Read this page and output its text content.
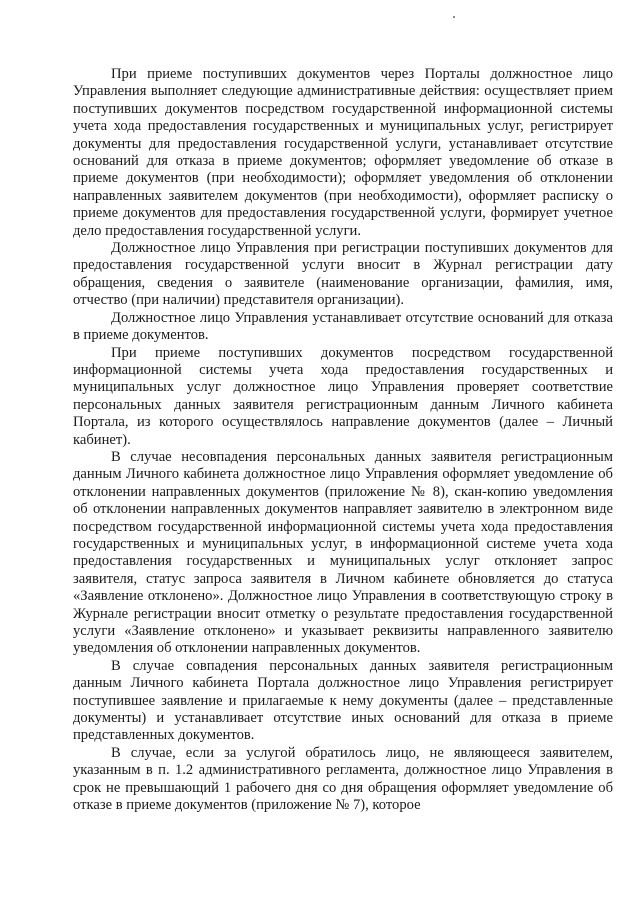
При приеме поступивших документов через Порталы должностное лицо Управления выполняет следующие административные действия: осуществляет прием поступивших документов посредством государственной информационной системы учета хода предоставления государственных и муниципальных услуг, регистрирует документы для предоставления государственной услуги, устанавливает отсутствие оснований для отказа в приеме документов; оформляет уведомление об отказе в приеме документов (при необходимости); оформляет уведомления об отклонении направленных заявителем документов (при необходимости), оформляет расписку о приеме документов для предоставления государственной услуги, формирует учетное дело предоставления государственной услуги.

Должностное лицо Управления при регистрации поступивших документов для предоставления государственной услуги вносит в Журнал регистрации дату обращения, сведения о заявителе (наименование организации, фамилия, имя, отчество (при наличии) представителя организации).

Должностное лицо Управления устанавливает отсутствие оснований для отказа в приеме документов.

При приеме поступивших документов посредством государственной информационной системы учета хода предоставления государственных и муниципальных услуг должностное лицо Управления проверяет соответствие персональных данных заявителя регистрационным данным Личного кабинета Портала, из которого осуществлялось направление документов (далее – Личный кабинет).

В случае несовпадения персональных данных заявителя регистрационным данным Личного кабинета должностное лицо Управления оформляет уведомление об отклонении направленных документов (приложение № 8), скан-копию уведомления об отклонении направленных документов направляет заявителю в электронном виде посредством государственной информационной системы учета хода предоставления государственных и муниципальных услуг, в информационной системе учета хода предоставления государственных и муниципальных услуг отклоняет запрос заявителя, статус запроса заявителя в Личном кабинете обновляется до статуса «Заявление отклонено». Должностное лицо Управления в соответствующую строку в Журнале регистрации вносит отметку о результате предоставления государственной услуги «Заявление отклонено» и указывает реквизиты направленного заявителю уведомления об отклонении направленных документов.

В случае совпадения персональных данных заявителя регистрационным данным Личного кабинета Портала должностное лицо Управления регистрирует поступившее заявление и прилагаемые к нему документы (далее – представленные документы) и устанавливает отсутствие иных оснований для отказа в приеме представленных документов.

В случае, если за услугой обратилось лицо, не являющееся заявителем, указанным в п. 1.2 административного регламента, должностное лицо Управления в срок не превышающий 1 рабочего дня со дня обращения оформляет уведомление об отказе в приеме документов (приложение № 7), которое
